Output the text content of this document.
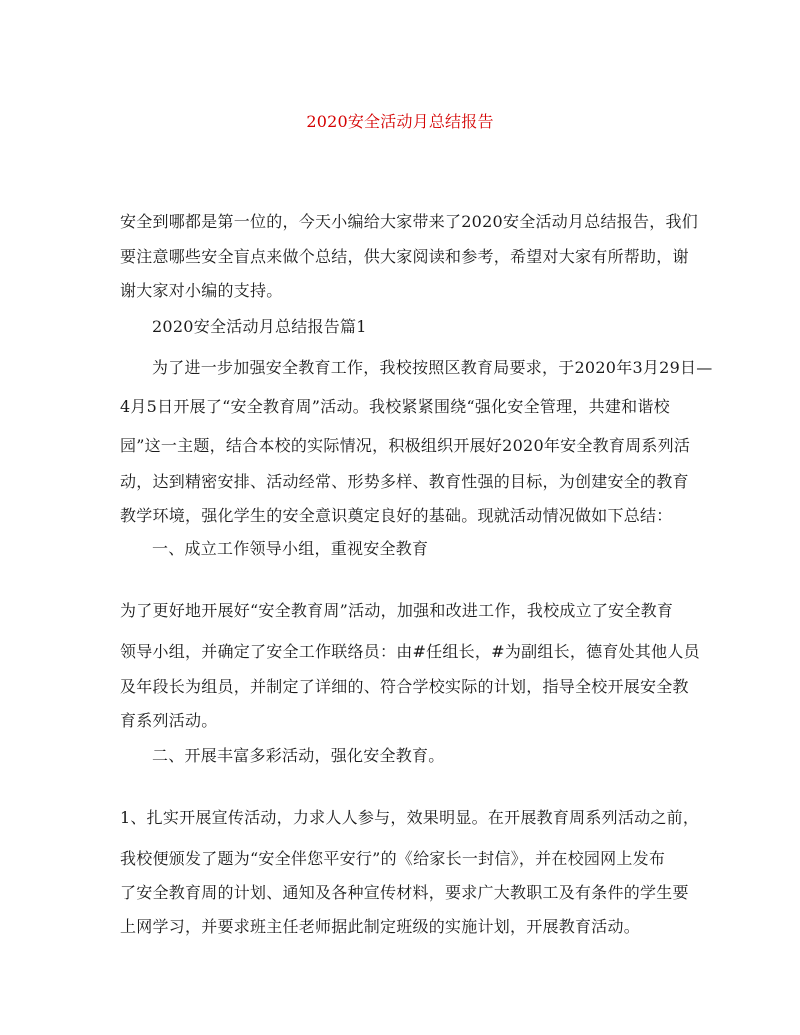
2020安全活动月总结报告
安全到哪都是第一位的，今天小编给大家带来了2020安全活动月总结报告，我们
要注意哪些安全盲点来做个总结，供大家阅读和参考，希望对大家有所帮助，谢
谢大家对小编的支持。
2020安全活动月总结报告篇1
为了进一步加强安全教育工作，我校按照区教育局要求，于2020年3月29日—
4月5日开展了“安全教育周”活动。我校紧紧围绕“强化安全管理，共建和谐校
园”这一主题，结合本校的实际情况，积极组织开展好2020年安全教育周系列活
动，达到精密安排、活动经常、形势多样、教育性强的目标，为创建安全的教育
教学环境，强化学生的安全意识奠定良好的基础。现就活动情况做如下总结：
一、成立工作领导小组，重视安全教育
为了更好地开展好“安全教育周”活动，加强和改进工作，我校成立了安全教育
领导小组，并确定了安全工作联络员：由#任组长，#为副组长，德育处其他人员
及年段长为组员，并制定了详细的、符合学校实际的计划，指导全校开展安全教
育系列活动。
二、开展丰富多彩活动，强化安全教育。
1、扎实开展宣传活动，力求人人参与，效果明显。在开展教育周系列活动之前，
我校便颁发了题为“安全伴您平安行”的《给家长一封信》，并在校园网上发布
了安全教育周的计划、通知及各种宣传材料，要求广大教职工及有条件的学生要
上网学习，并要求班主任老师据此制定班级的实施计划，开展教育活动。
